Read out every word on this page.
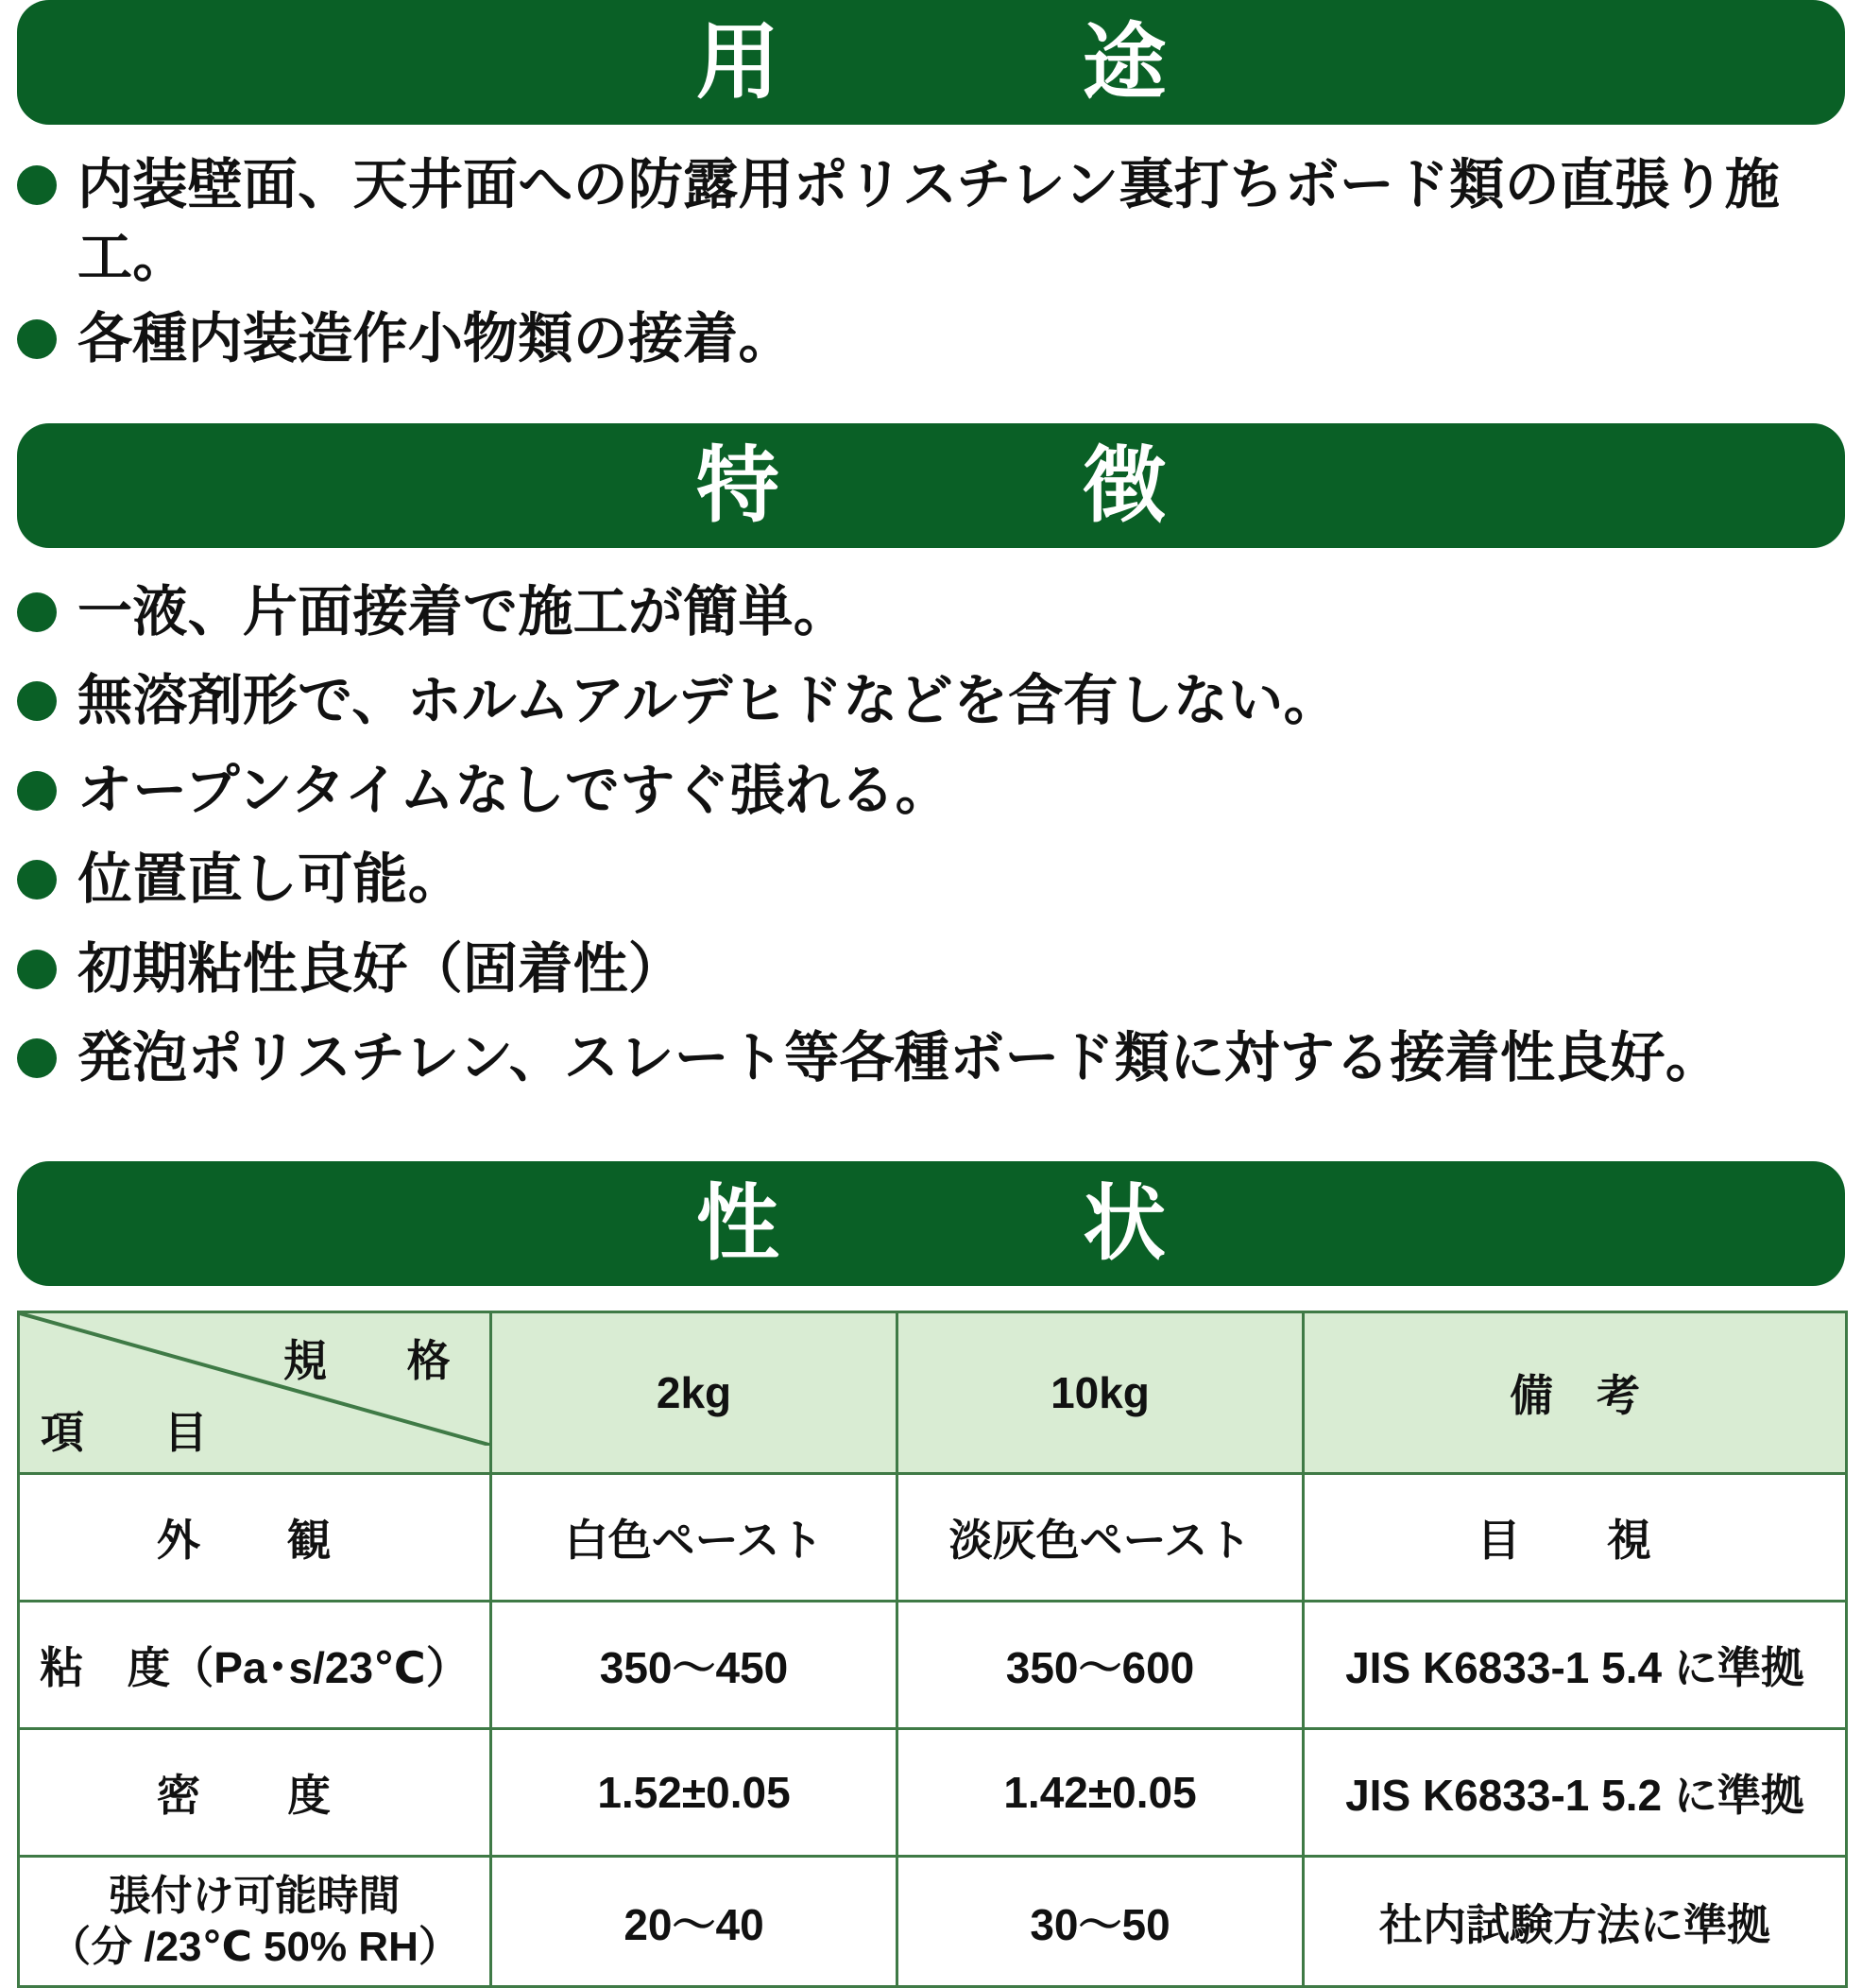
用　　途
内装壁面、天井面への防露用ポリスチレン裏打ちボード類の直張り施工。
各種内装造作小物類の接着。
特　　徴
一液、片面接着で施工が簡単。
無溶剤形で、ホルムアルデヒドなどを含有しない。
オープンタイムなしですぐ張れる。
位置直し可能。
初期粘性良好（固着性）
発泡ポリスチレン、スレート等各種ボード類に対する接着性良好。
性　　状
規　格
項　目	2kg	10kg	備　考
外　観	白色ペースト	淡灰色ペースト	目　視
粘　度（Pa･s/23℃）	350〜450	350〜600	JIS K6833-1 5.4 に準拠
密　度	1.52±0.05	1.42±0.05	JIS K6833-1 5.2 に準拠

張付け可能時間
（分 /23℃ 50% RH）	20〜40	30〜50	社内試験方法に準拠
